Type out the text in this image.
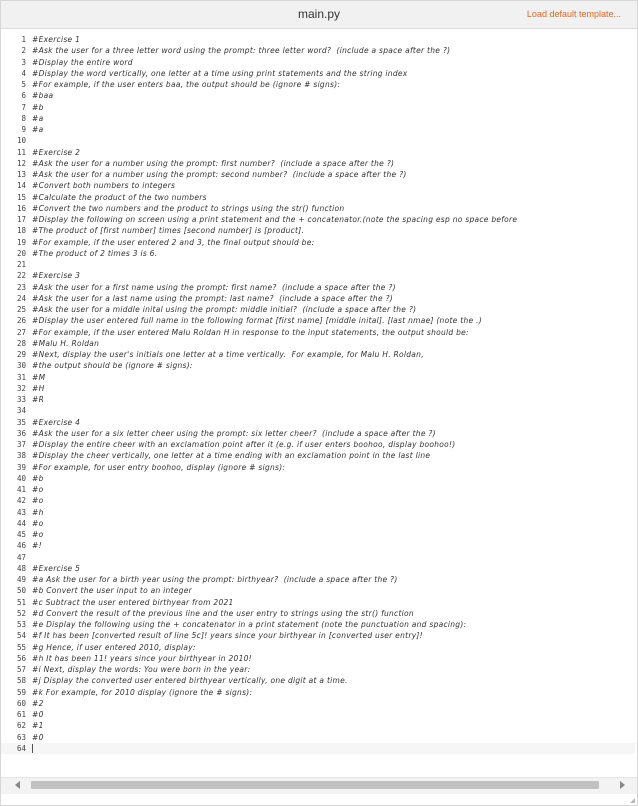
main.py	Load default template...
1 #Exercise 1
2 #Ask the user for a three letter word using the prompt: three letter word?  (include a space after the ?)
3 #Display the entire word
4 #Display the word vertically, one letter at a time using print statements and the string index
5 #For example, if the user enters baa, the output should be (ignore # signs):
6 #baa
7 #b
8 #a
9 #a
10
11 #Exercise 2
12 #Ask the user for a number using the prompt: first number?  (include a space after the ?)
13 #Ask the user for a number using the prompt: second number?  (include a space after the ?)
14 #Convert both numbers to integers
15 #Calculate the product of the two numbers
16 #Convert the two numbers and the product to strings using the str() function
17 #Display the following on screen using a print statement and the + concatenator.(note the spacing esp no space before
18 #The product of [first number] times [second number] is [product].
19 #For example, if the user entered 2 and 3, the final output should be:
20 #The product of 2 times 3 is 6.
21
22 #Exercise 3
23 #Ask the user for a first name using the prompt: first name?  (include a space after the ?)
24 #Ask the user for a last name using the prompt: last name?  (include a space after the ?)
25 #Ask the user for a middle inital using the prompt: middle initial?  (include a space after the ?)
26 #Display the user entered full name in the following format [first name] [middle inital]. [last nmae] (note the .)
27 #For example, if the user entered Malu Roldan H in response to the input statements, the output should be:
28 #Malu H. Roldan
29 #Next, display the user's initials one letter at a time vertically.  For example, for Malu H. Roldan,
30 #the output should be (ignore # signs):
31 #M
32 #H
33 #R
34
35 #Exercise 4
36 #Ask the user for a six letter cheer using the prompt: six letter cheer?  (include a space after the ?)
37 #Display the entire cheer with an exclamation point after it (e.g. if user enters boohoo, display boohoo!)
38 #Display the cheer vertically, one letter at a time ending with an exclamation point in the last line
39 #For example, for user entry boohoo, display (ignore # signs):
40 #b
41 #o
42 #o
43 #h
44 #o
45 #o
46 #!
47
48 #Exercise 5
49 #a Ask the user for a birth year using the prompt: birthyear?  (include a space after the ?)
50 #b Convert the user input to an integer
51 #c Subtract the user entered birthyear from 2021
52 #d Convert the result of the previous line and the user entry to strings using the str() function
53 #e Display the following using the + concatenator in a print statement (note the punctuation and spacing):
54 #f It has been [converted result of line 5c]! years since your birthyear in [converted user entry]!
55 #g Hence, if user entered 2010, display:
56 #h It has been 11! years since your birthyear in 2010!
57 #i Next, display the words: You were born in the year:
58 #j Display the converted user entered birthyear vertically, one digit at a time.
59 #k For example, for 2010 display (ignore the # signs):
60 #2
61 #0
62 #1
63 #0
64
